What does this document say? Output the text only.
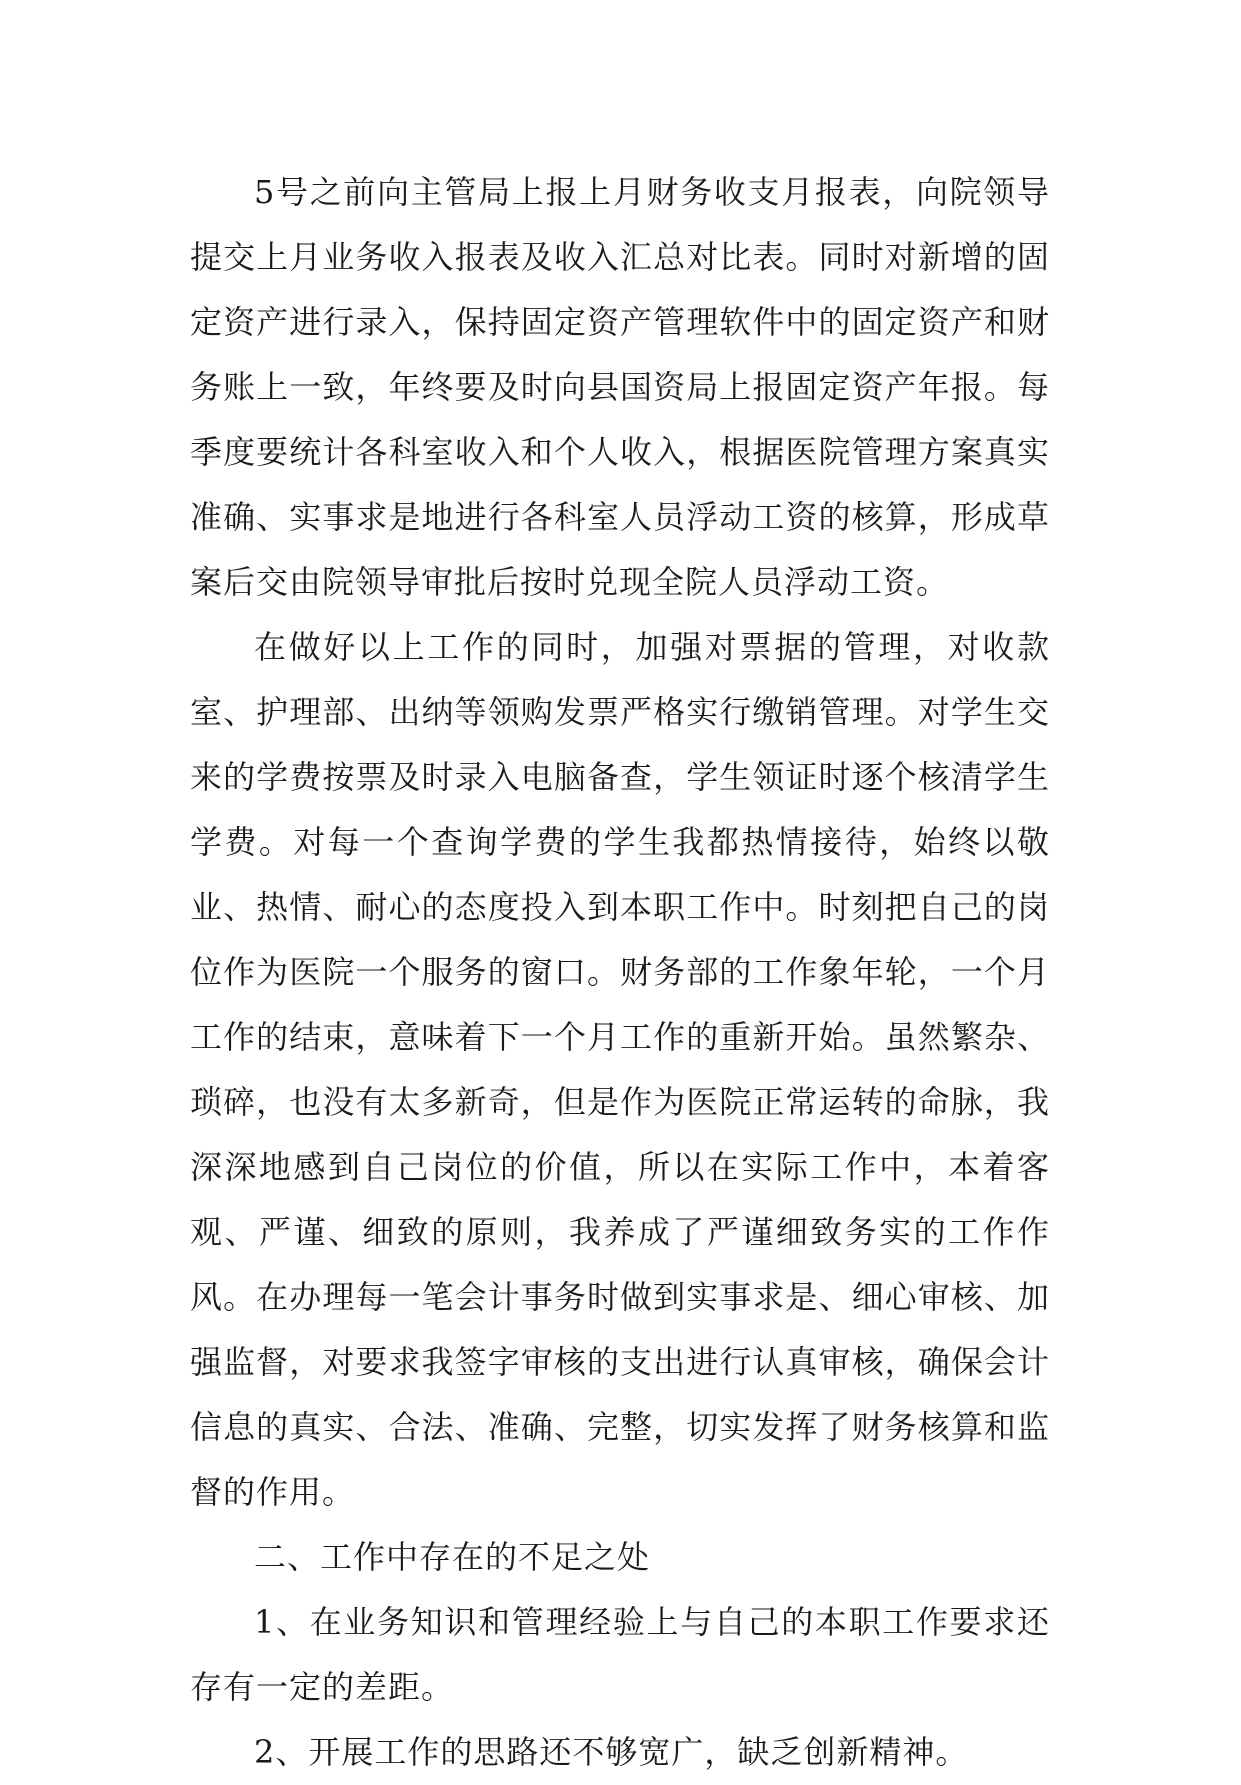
5号之前向主管局上报上月财务收支月报表，向院领导提交上月业务收入报表及收入汇总对比表。同时对新增的固定资产进行录入，保持固定资产管理软件中的固定资产和财务账上一致，年终要及时向县国资局上报固定资产年报。每季度要统计各科室收入和个人收入，根据医院管理方案真实准确、实事求是地进行各科室人员浮动工资的核算，形成草案后交由院领导审批后按时兑现全院人员浮动工资。

在做好以上工作的同时，加强对票据的管理，对收款室、护理部、出纳等领购发票严格实行缴销管理。对学生交来的学费按票及时录入电脑备查，学生领证时逐个核清学生学费。对每一个查询学费的学生我都热情接待，始终以敬业、热情、耐心的态度投入到本职工作中。时刻把自己的岗位作为医院一个服务的窗口。财务部的工作象年轮，一个月工作的结束，意味着下一个月工作的重新开始。虽然繁杂、琐碎，也没有太多新奇，但是作为医院正常运转的命脉，我深深地感到自己岗位的价值，所以在实际工作中，本着客观、严谨、细致的原则，我养成了严谨细致务实的工作作风。在办理每一笔会计事务时做到实事求是、细心审核、加强监督，对要求我签字审核的支出进行认真审核，确保会计信息的真实、合法、准确、完整，切实发挥了财务核算和监督的作用。

二、工作中存在的不足之处

1、在业务知识和管理经验上与自己的本职工作要求还存有一定的差距。

2、开展工作的思路还不够宽广，缺乏创新精神。
